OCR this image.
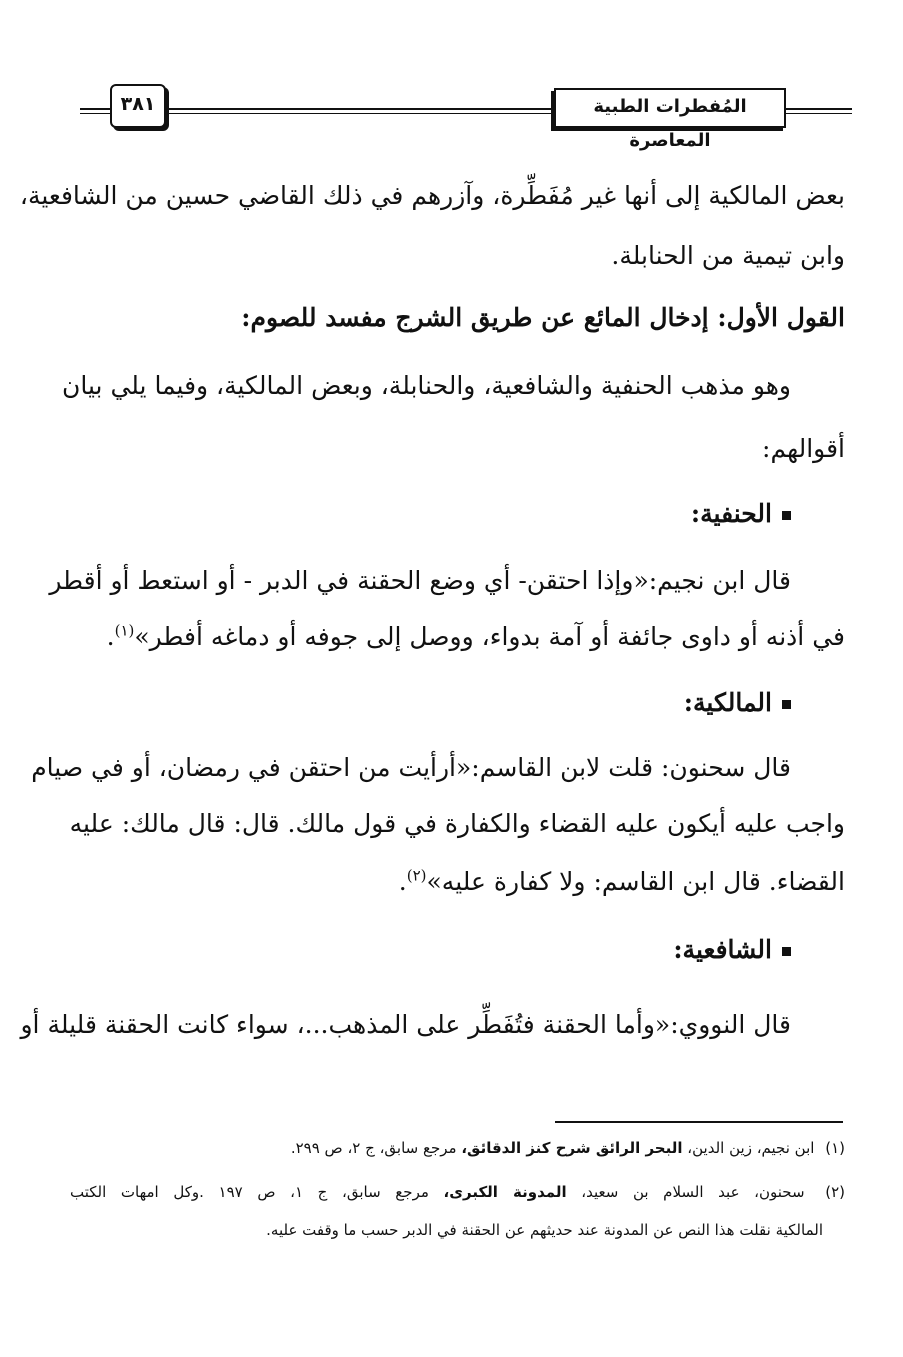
٣٨١	المُفطرات الطبية المعاصرة
بعض المالكية إلى أنها غير مُفَطِّرة، وآزرهم في ذلك القاضي حسين من الشافعية،
وابن تيمية من الحنابلة.
القول الأول: إدخال المائع عن طريق الشرج مفسد للصوم:
وهو مذهب الحنفية والشافعية، والحنابلة، وبعض المالكية، وفيما يلي بيان
أقوالهم:
الحنفية:
قال ابن نجيم:«وإذا احتقن- أي وضع الحقنة في الدبر - أو استعط أو أقطر
في أذنه أو داوى جائفة أو آمة بدواء، ووصل إلى جوفه أو دماغه أفطر»$^{(١)}$.
المالكية:
قال سحنون: قلت لابن القاسم:«أرأيت من احتقن في رمضان، أو في صيام
واجب عليه أيكون عليه القضاء والكفارة في قول مالك. قال: قال مالك: عليه
القضاء. قال ابن القاسم: ولا كفارة عليه»$^{(٢)}$.
الشافعية:
قال النووي:«وأما الحقنة فتُفَطِّر على المذهب...، سواء كانت الحقنة قليلة أو
(١) ابن نجيم، زين الدين، البحر الرائق شرح كنز الدقائق، مرجع سابق، ج ٢، ص ٢٩٩.
(٢) سحنون، عبد السلام بن سعيد، المدونة الكبرى، مرجع سابق، ج ١، ص ١٩٧ .وكل امهات الكتب
المالكية نقلت هذا النص عن المدونة عند حديثهم عن الحقنة في الدبر حسب ما وقفت عليه.
